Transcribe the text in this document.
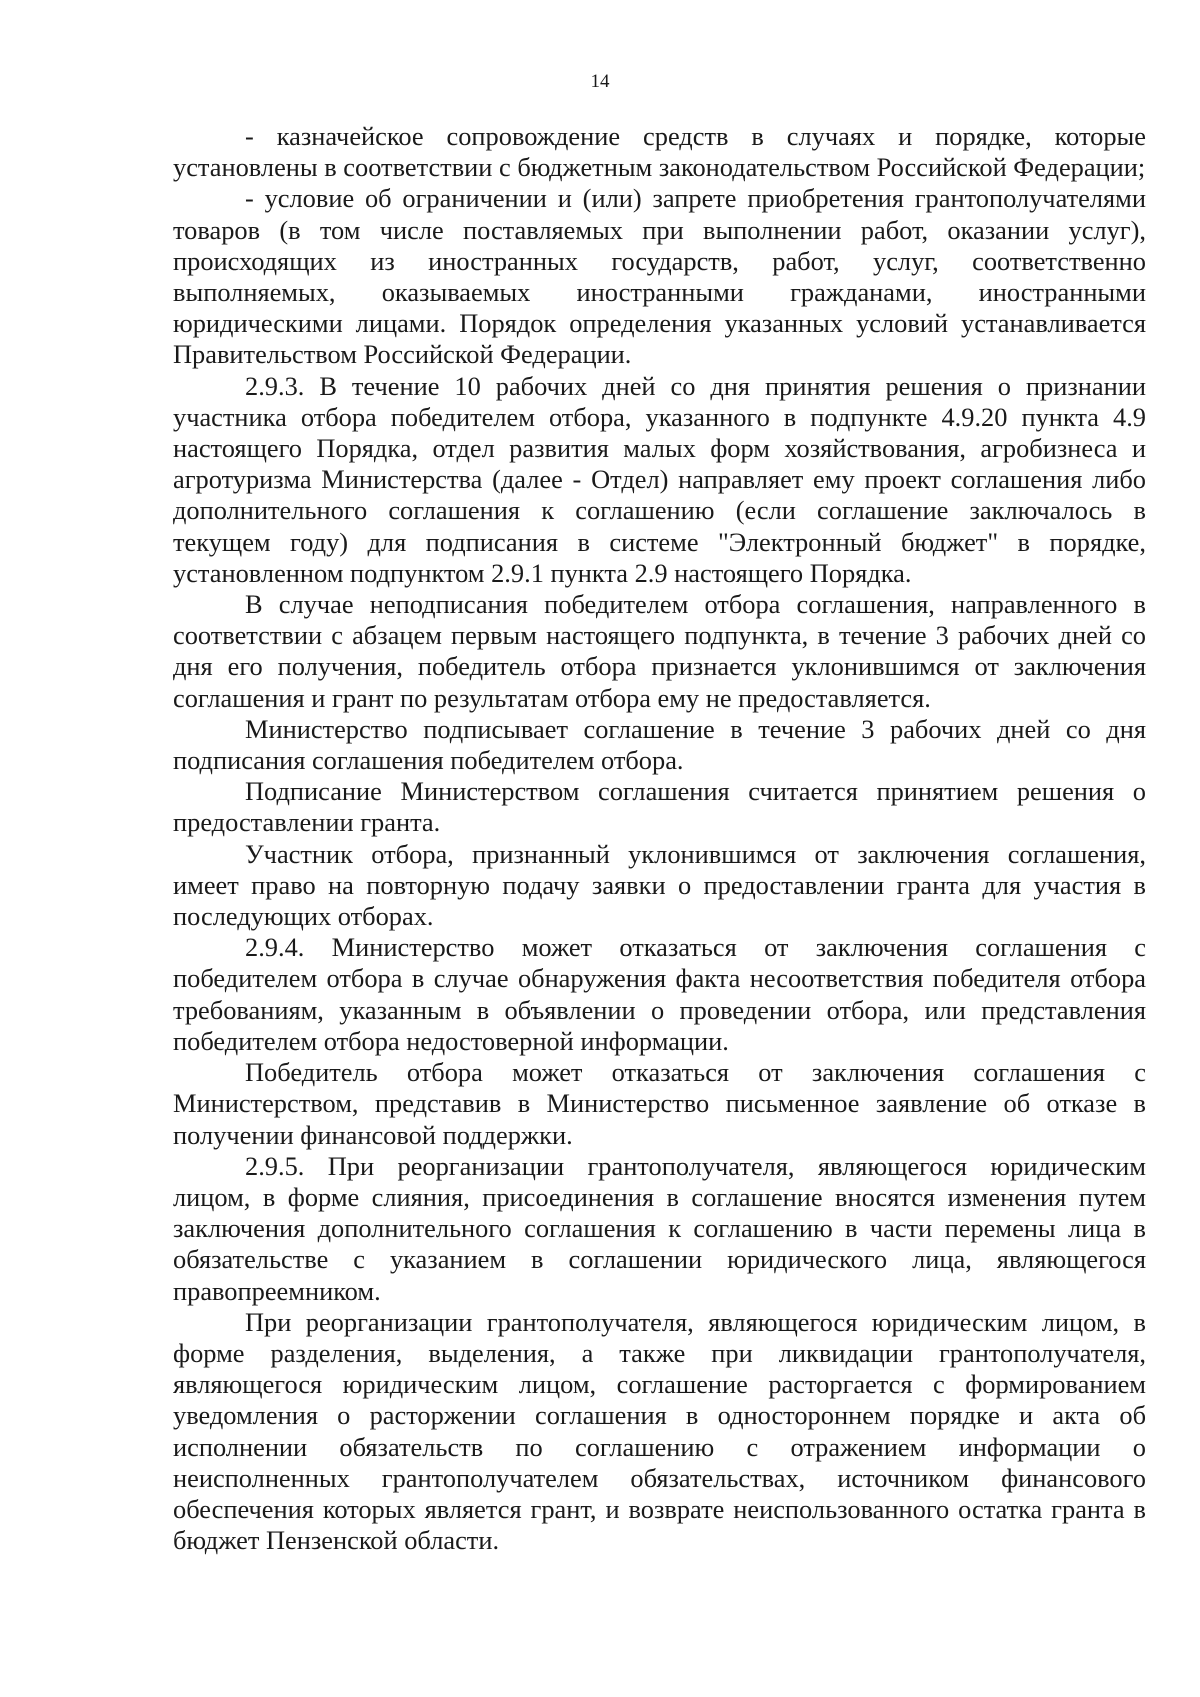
14

- казначейское сопровождение средств в случаях и порядке, которые установлены в соответствии с бюджетным законодательством Российской Федерации;

- условие об ограничении и (или) запрете приобретения грантополучателями товаров (в том числе поставляемых при выполнении работ, оказании услуг), происходящих из иностранных государств, работ, услуг, соответственно выполняемых, оказываемых иностранными гражданами, иностранными юридическими лицами. Порядок определения указанных условий устанавливается Правительством Российской Федерации.

2.9.3. В течение 10 рабочих дней со дня принятия решения о признании участника отбора победителем отбора, указанного в подпункте 4.9.20 пункта 4.9 настоящего Порядка, отдел развития малых форм хозяйствования, агробизнеса и агротуризма Министерства (далее - Отдел) направляет ему проект соглашения либо дополнительного соглашения к соглашению (если соглашение заключалось в текущем году) для подписания в системе "Электронный бюджет" в порядке, установленном подпунктом 2.9.1 пункта 2.9 настоящего Порядка.

В случае неподписания победителем отбора соглашения, направленного в соответствии с абзацем первым настоящего подпункта, в течение 3 рабочих дней со дня его получения, победитель отбора признается уклонившимся от заключения соглашения и грант по результатам отбора ему не предоставляется.

Министерство подписывает соглашение в течение 3 рабочих дней со дня подписания соглашения победителем отбора.

Подписание Министерством соглашения считается принятием решения о предоставлении гранта.

Участник отбора, признанный уклонившимся от заключения соглашения, имеет право на повторную подачу заявки о предоставлении гранта для участия в последующих отборах.

2.9.4. Министерство может отказаться от заключения соглашения с победителем отбора в случае обнаружения факта несоответствия победителя отбора требованиям, указанным в объявлении о проведении отбора, или представления победителем отбора недостоверной информации.

Победитель отбора может отказаться от заключения соглашения с Министерством, представив в Министерство письменное заявление об отказе в получении финансовой поддержки.

2.9.5. При реорганизации грантополучателя, являющегося юридическим лицом, в форме слияния, присоединения в соглашение вносятся изменения путем заключения дополнительного соглашения к соглашению в части перемены лица в обязательстве с указанием в соглашении юридического лица, являющегося правопреемником.

При реорганизации грантополучателя, являющегося юридическим лицом, в форме разделения, выделения, а также при ликвидации грантополучателя, являющегося юридическим лицом, соглашение расторгается с формированием уведомления о расторжении соглашения в одностороннем порядке и акта об исполнении обязательств по соглашению с отражением информации о неисполненных грантополучателем обязательствах, источником финансового обеспечения которых является грант, и возврате неиспользованного остатка гранта в бюджет Пензенской области.
